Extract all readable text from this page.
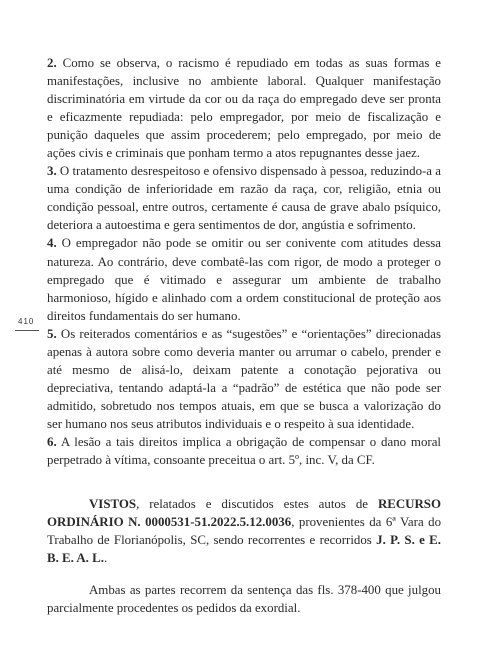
410

2. Como se observa, o racismo é repudiado em todas as suas formas e manifestações, inclusive no ambiente laboral. Qualquer manifestação discriminatória em virtude da cor ou da raça do empregado deve ser pronta e eficazmente repudiada: pelo empregador, por meio de fiscalização e punição daqueles que assim procederem; pelo empregado, por meio de ações civis e criminais que ponham termo a atos repugnantes desse jaez.

3. O tratamento desrespeitoso e ofensivo dispensado à pessoa, reduzindo-a a uma condição de inferioridade em razão da raça, cor, religião, etnia ou condição pessoal, entre outros, certamente é causa de grave abalo psíquico, deteriora a autoestima e gera sentimentos de dor, angústia e sofrimento.

4. O empregador não pode se omitir ou ser conivente com atitudes dessa natureza. Ao contrário, deve combatê-las com rigor, de modo a proteger o empregado que é vitimado e assegurar um ambiente de trabalho harmonioso, hígido e alinhado com a ordem constitucional de proteção aos direitos fundamentais do ser humano.

5. Os reiterados comentários e as “sugestões” e “orientações” direcionadas apenas à autora sobre como deveria manter ou arrumar o cabelo, prender e até mesmo de alisá-lo, deixam patente a conotação pejorativa ou depreciativa, tentando adaptá-la a “padrão” de estética que não pode ser admitido, sobretudo nos tempos atuais, em que se busca a valorização do ser humano nos seus atributos individuais e o respeito à sua identidade.

6. A lesão a tais direitos implica a obrigação de compensar o dano moral perpetrado à vítima, consoante preceitua o art. 5º, inc. V, da CF.

VISTOS, relatados e discutidos estes autos de RECURSO ORDINÁRIO N. 0000531-51.2022.5.12.0036, provenientes da 6ª Vara do Trabalho de Florianópolis, SC, sendo recorrentes e recorridos J. P. S. e E. B. E. A. L..

Ambas as partes recorrem da sentença das fls. 378-400 que julgou parcialmente procedentes os pedidos da exordial.
